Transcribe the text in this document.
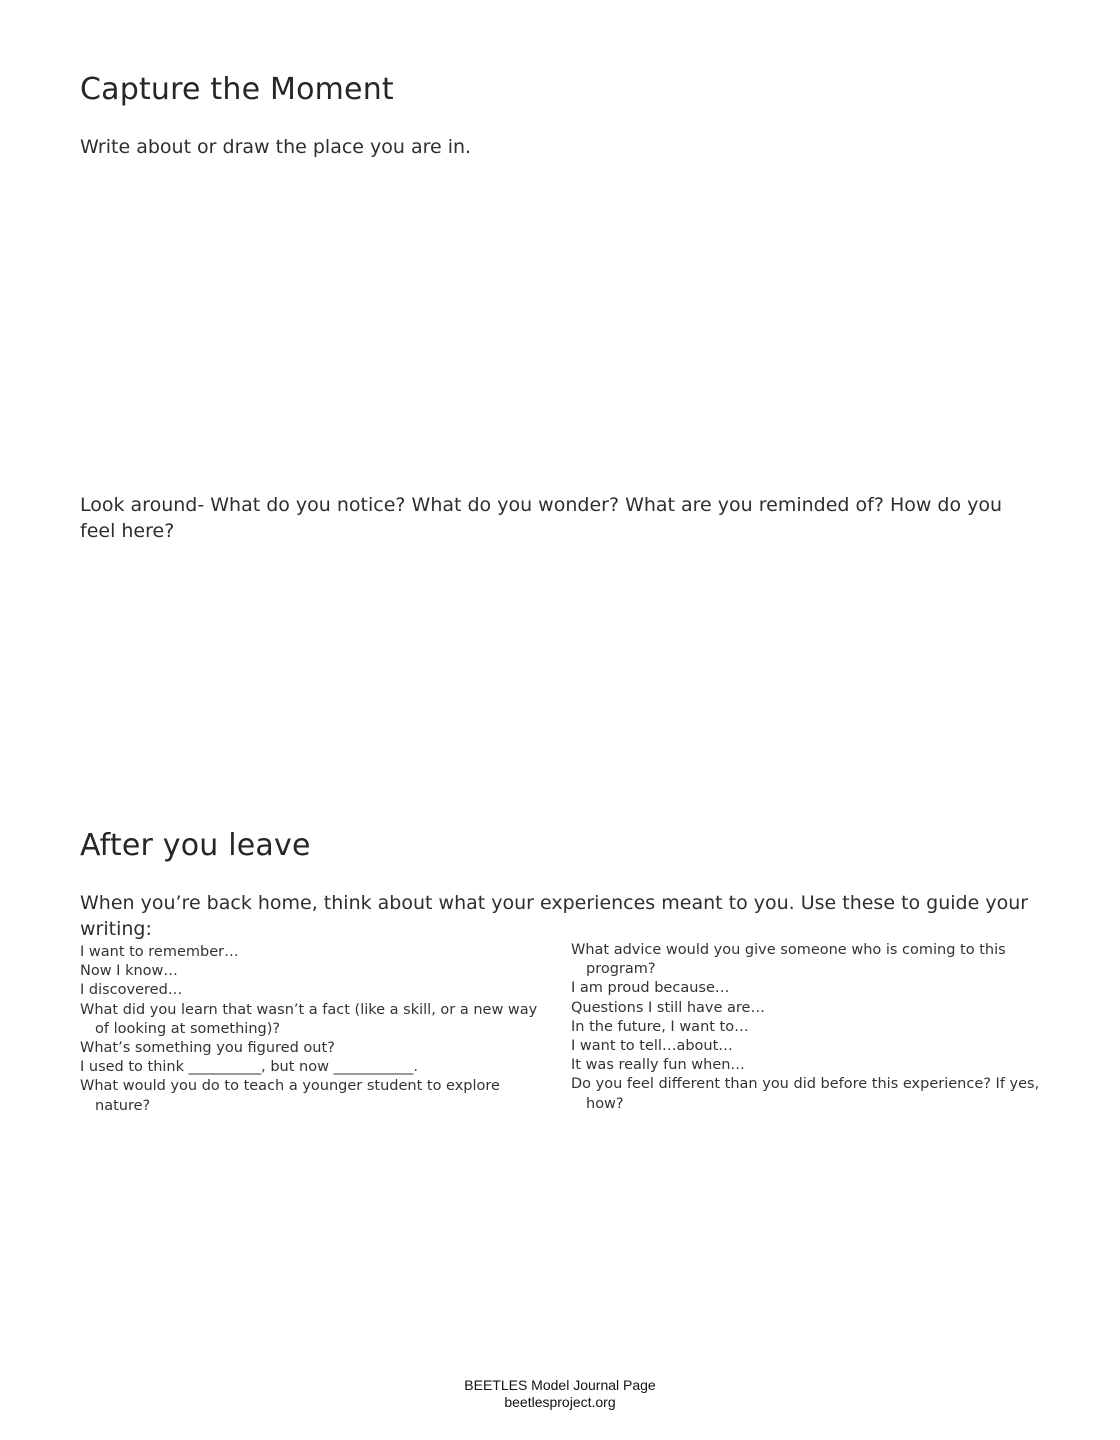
Capture the Moment

Write about or draw the place you are in.

Look around- What do you notice? What do you wonder? What are you reminded of? How do you feel here?

After you leave

When you’re back home, think about what your experiences meant to you. Use these to guide your writing:

I want to remember…
Now I know…
I discovered…
What did you learn that wasn’t a fact (like a skill, or a new way of looking at something)?
What’s something you figured out?
I used to think __________, but now ___________.
What would you do to teach a younger student to explore nature?
What advice would you give someone who is coming to this program?
I am proud because…
Questions I still have are…
In the future, I want to…
I want to tell…about…
It was really fun when…
Do you feel different than you did before this experience? If yes, how?
BEETLES Model Journal Page
beetlesproject.org
